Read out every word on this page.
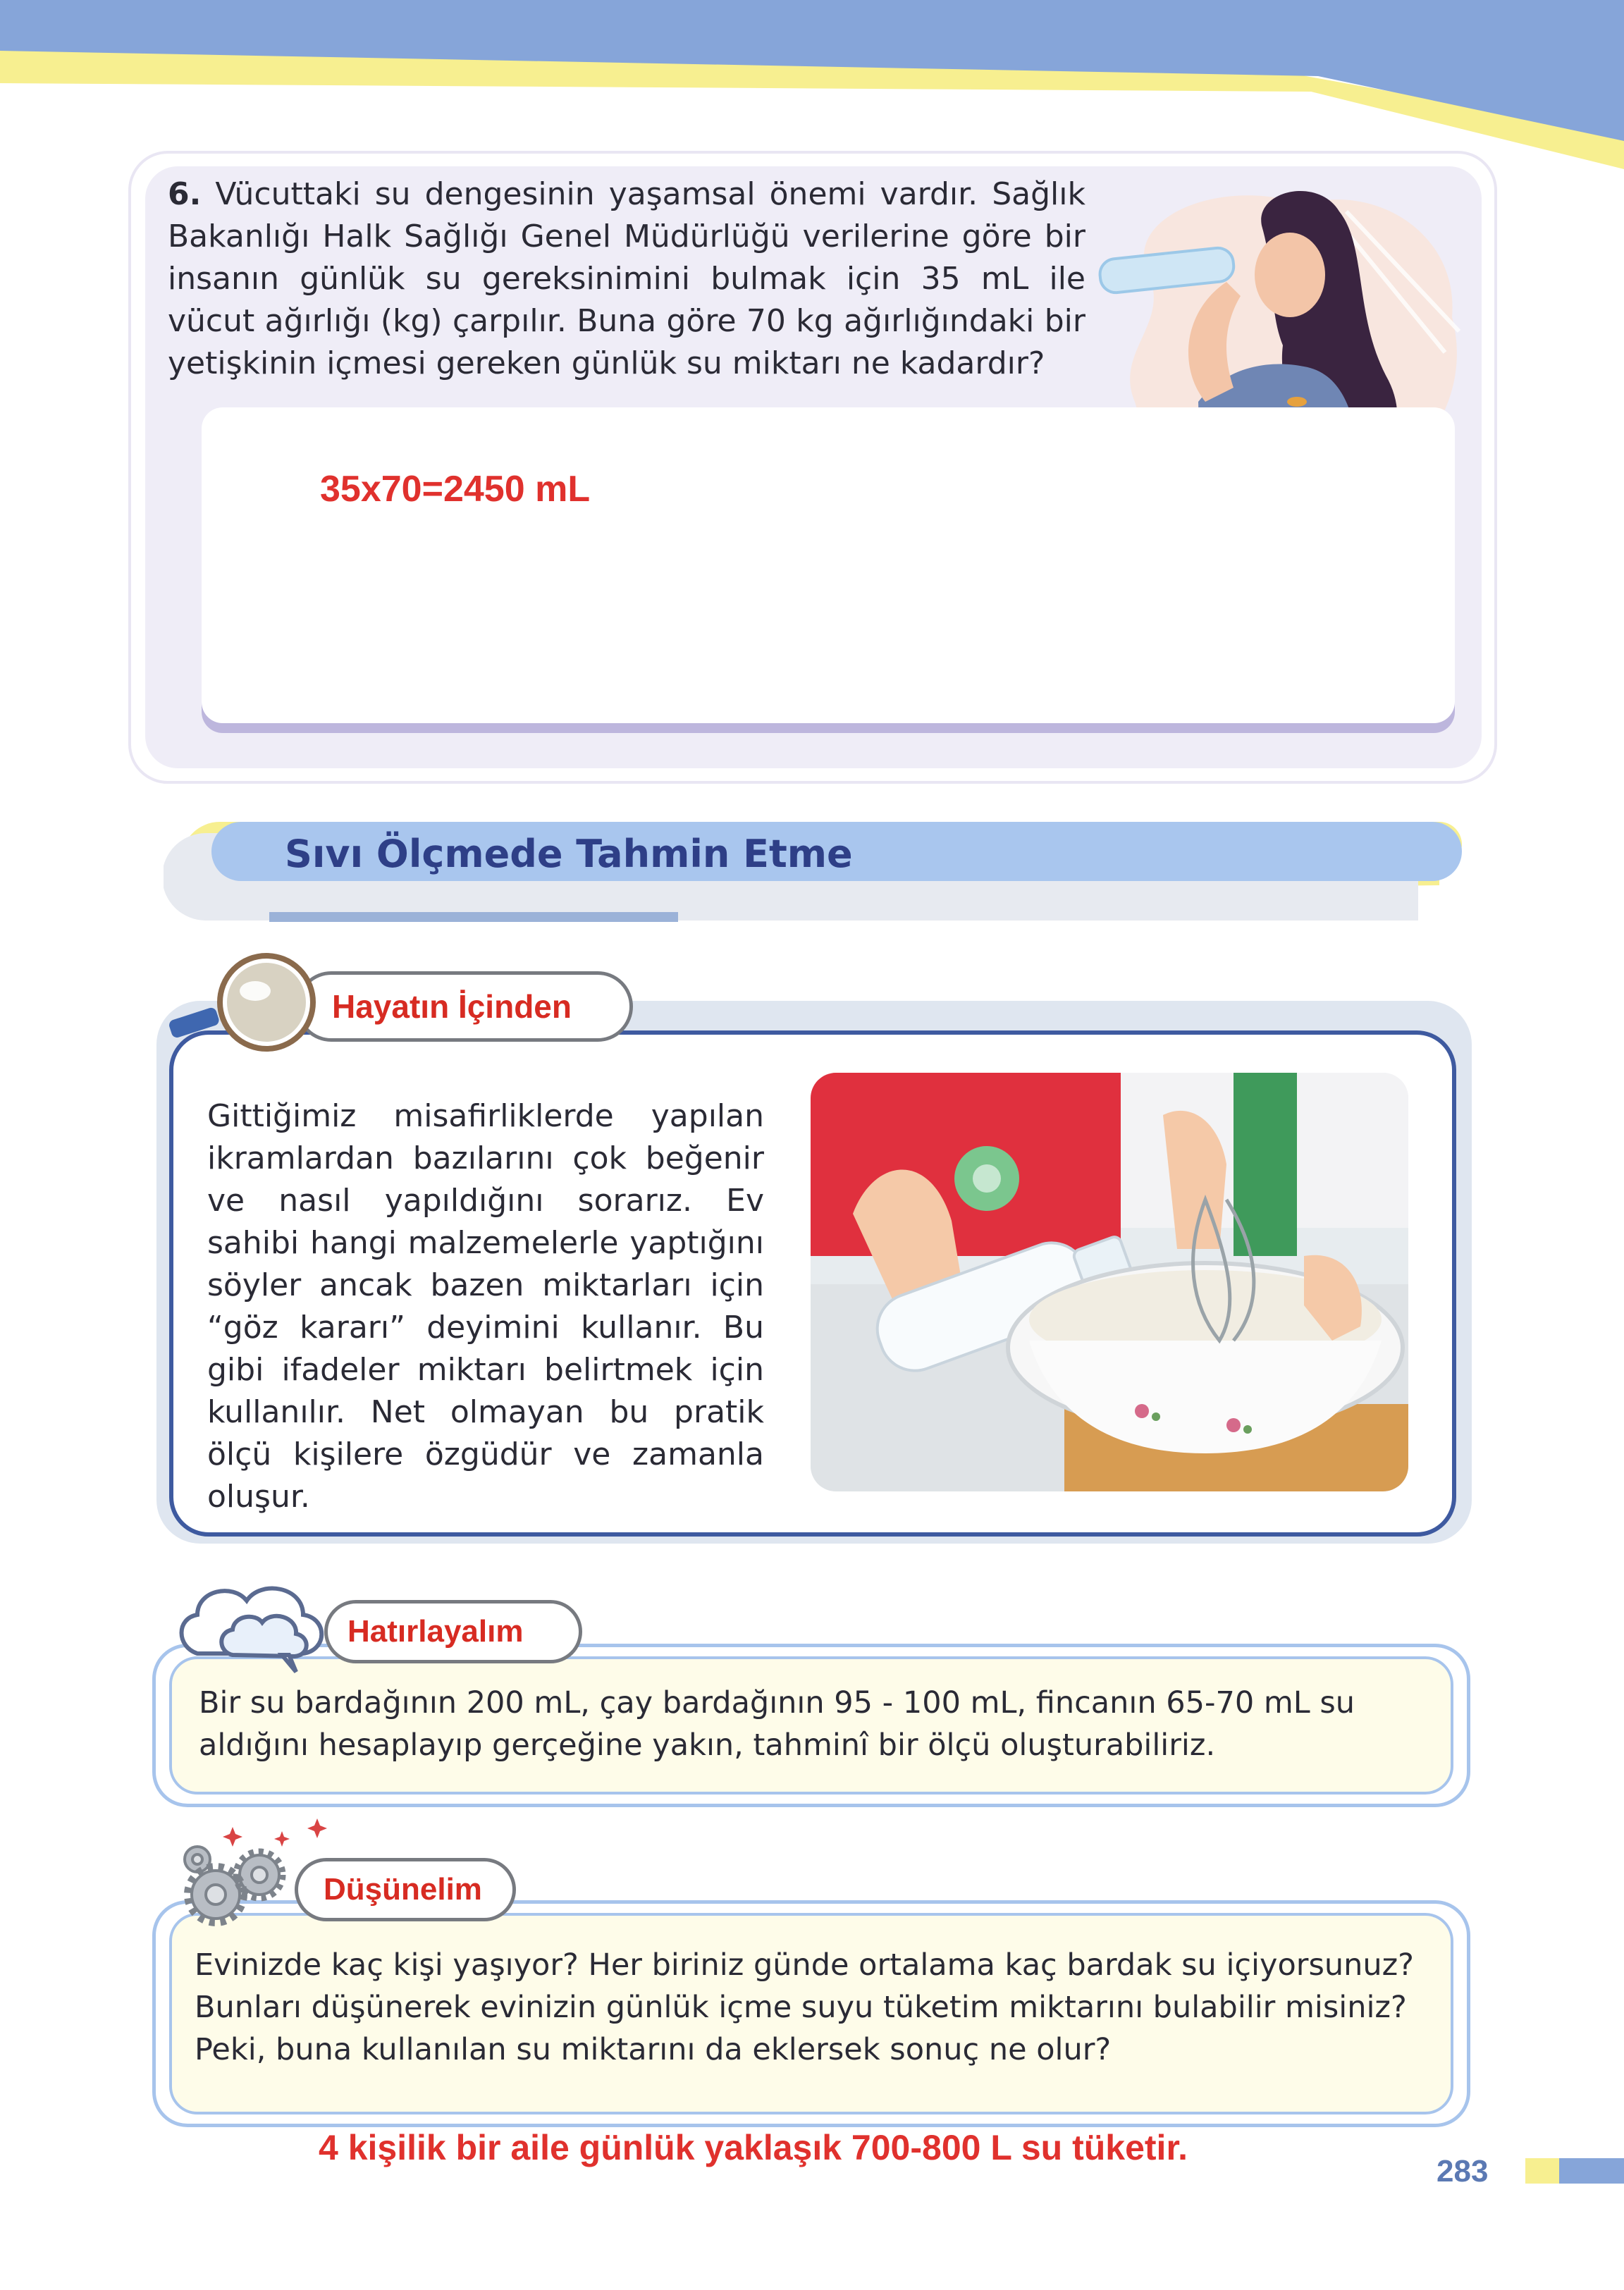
6. Vücuttaki su dengesinin yaşamsal önemi vardır. Sağlık Bakanlığı Halk Sağlığı Genel Müdürlüğü verilerine göre bir insanın günlük su gereksinimini bulmak için 35 mL ile vücut ağırlığı (kg) çarpılır. Buna göre 70 kg ağırlığındaki bir yetişkinin içmesi gereken günlük su miktarı ne kadardır?
35x70=2450 mL
Sıvı Ölçmede Tahmin Etme
Hayatın İçinden
Gittiğimiz misafirliklerde yapılan ikramlardan bazılarını çok beğenir ve nasıl yapıldığını sorarız. Ev sahibi hangi malzemelerle yaptığını söyler ancak bazen miktarları için “göz kararı” deyimini kullanır. Bu gibi ifadeler miktarı belirtmek için kullanılır. Net olmayan bu pratik ölçü kişilere özgüdür ve zamanla oluşur.
Hatırlayalım
Bir su bardağının 200 mL, çay bardağının 95 - 100 mL, fincanın 65-70 mL su aldığını hesaplayıp gerçeğine yakın, tahminî bir ölçü oluşturabiliriz.
Düşünelim
Evinizde kaç kişi yaşıyor? Her biriniz günde ortalama kaç bardak su içiyorsunuz? Bunları düşünerek evinizin günlük içme suyu tüketim miktarını bulabilir misiniz? Peki, buna kullanılan su miktarını da eklersek sonuç ne olur?
4 kişilik bir aile günlük yaklaşık 700-800 L su tüketir.
283
